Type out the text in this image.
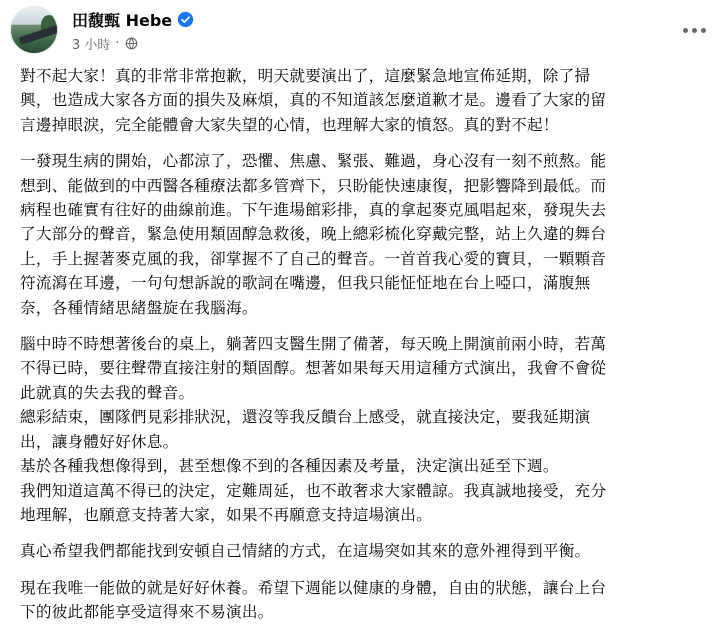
田馥甄 Hebe
3 小時 ·
對不起大家！真的非常非常抱歉，明天就要演出了，這麼緊急地宣佈延期，除了掃
興，也造成大家各方面的損失及麻煩，真的不知道該怎麼道歉才是。邊看了大家的留
言邊掉眼淚，完全能體會大家失望的心情，也理解大家的憤怒。真的對不起！
一發現生病的開始，心都涼了，恐懼、焦慮、緊張、難過，身心沒有一刻不煎熬。能
想到、能做到的中西醫各種療法都多管齊下，只盼能快速康復，把影響降到最低。而
病程也確實有往好的曲線前進。下午進場館彩排，真的拿起麥克風唱起來，發現失去
了大部分的聲音，緊急使用類固醇急救後，晚上總彩梳化穿戴完整，站上久違的舞台
上，手上握著麥克風的我，卻掌握不了自己的聲音。一首首我心愛的寶貝，一顆顆音
符流瀉在耳邊，一句句想訴說的歌詞在嘴邊，但我只能怔怔地在台上啞口，滿腹無
奈，各種情緒思緒盤旋在我腦海。
腦中時不時想著後台的桌上，躺著四支醫生開了備著，每天晚上開演前兩小時，若萬
不得已時，要往聲帶直接注射的類固醇。想著如果每天用這種方式演出，我會不會從
此就真的失去我的聲音。
總彩結束，團隊們見彩排狀況，還沒等我反饋台上感受，就直接決定，要我延期演
出，讓身體好好休息。
基於各種我想像得到，甚至想像不到的各種因素及考量，決定演出延至下週。
我們知道這萬不得已的決定，定難周延，也不敢奢求大家體諒。我真誠地接受，充分
地理解，也願意支持著大家，如果不再願意支持這場演出。
真心希望我們都能找到安頓自己情緒的方式，在這場突如其來的意外裡得到平衡。
現在我唯一能做的就是好好休養。希望下週能以健康的身體，自由的狀態，讓台上台
下的彼此都能享受這得來不易演出。
